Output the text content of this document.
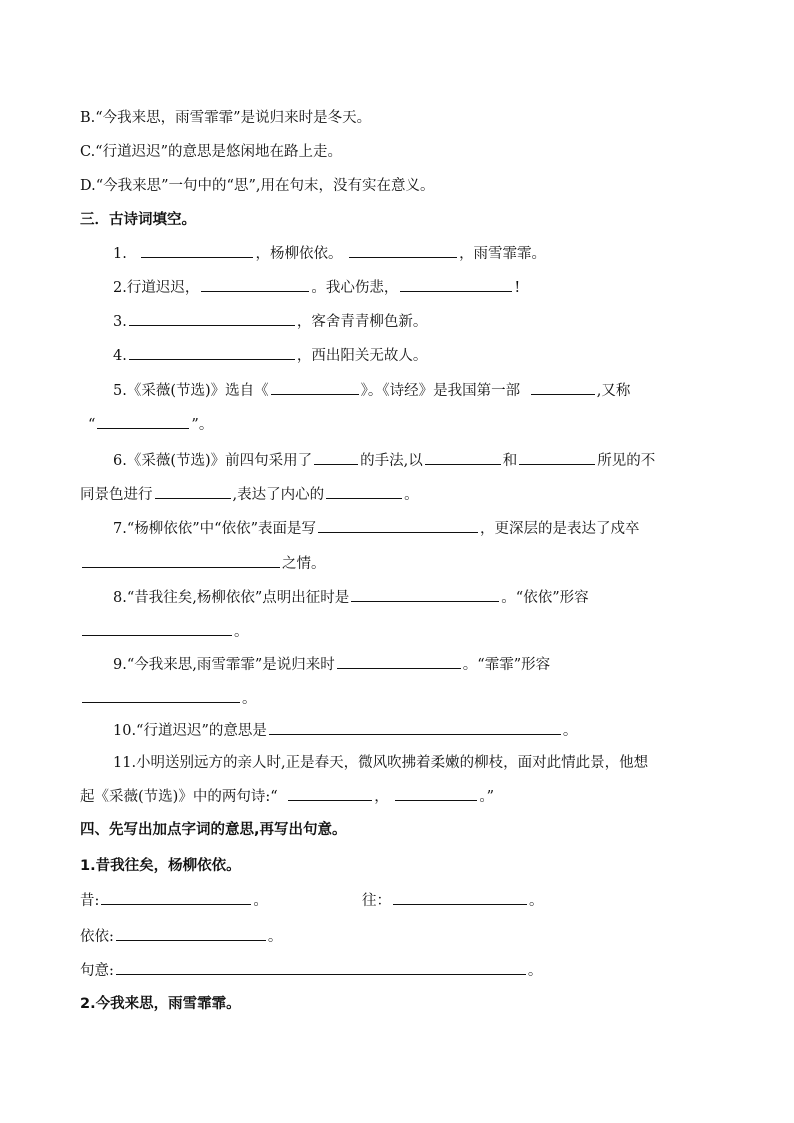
B.“今我来思，雨雪霏霏”是说归来时是冬天。
C.“行道迟迟”的意思是悠闲地在路上走。
D.“今我来思”一句中的“思”,用在句末，没有实在意义。
三．古诗词填空。
1.	，杨柳依依。	，雨雪霏霏。
2.行道迟迟，	。我心伤悲，	!
3.	，客舍青青柳色新。
4.	，西出阳关无故人。
5.《采薇(节选)》选自《	》。《诗经》是我国第一部	,又称
“	”。
6.《采薇(节选)》前四句采用了	的手法,以	和	所见的不
同景色进行	,表达了内心的	。
7.“杨柳依依”中“依依”表面是写	，更深层的是表达了戍卒
之情。
8.“昔我往矣,杨柳依依”点明出征时是	。“依依”形容
。
9.“今我来思,雨雪霏霏”是说归来时	。“霏霏”形容
。
10.“行道迟迟”的意思是	。
11.小明送别远方的亲人时,正是春天，微风吹拂着柔嫩的柳枝，面对此情此景，他想
起《采薇(节选)》中的两句诗:“	，	。”
四、先写出加点字词的意思,再写出句意。
1.昔我往矣，杨柳依依。
昔:	。	往：	。
依依:	。
句意:	。
2.今我来思，雨雪霏霏。
